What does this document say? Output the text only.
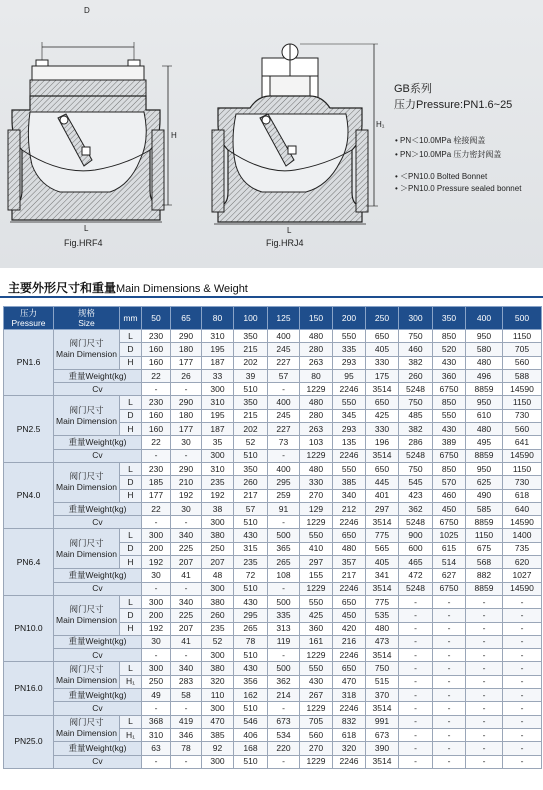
D
H
L
H₁
L
Fig.HRF4	Fig.HRJ4
GB系列
压力Pressure:PN1.6~25
• PN＜10.0MPa 栓接阀盖
• PN＞10.0MPa 压力密封阀盖
• ＜PN10.0 Bolted Bonnet
• ＞PN10.0 Pressure sealed bonnet
主要外形尺寸和重量Main Dimensions & Weight
压力
Pressure	规格
Size	mm	50	65	80	100	125	150	200	250	300	350	400	500
PN1.6	阀门尺寸
Main Dimension	L	230	290	310	350	400	480	550	650	750	850	950	1150
		D	160	180	195	215	245	280	335	405	460	520	580	705
		H	160	177	187	202	227	263	293	330	382	430	480	560
	重量Weight(kg)		22	26	33	39	57	80	95	175	260	360	496	588
	Cv		-	-	300	510	-	1229	2246	3514	5248	6750	8859	14590
PN2.5	阀门尺寸
Main Dimension	L	230	290	310	350	400	480	550	650	750	850	950	1150
		D	160	180	195	215	245	280	345	425	485	550	610	730
		H	160	177	187	202	227	263	293	330	382	430	480	560
	重量Weight(kg)		22	30	35	52	73	103	135	196	286	389	495	641
	Cv		-	-	300	510	-	1229	2246	3514	5248	6750	8859	14590
PN4.0	阀门尺寸
Main Dimension	L	230	290	310	350	400	480	550	650	750	850	950	1150
		D	185	210	235	260	295	330	385	445	545	570	625	730
		H	177	192	192	217	259	270	340	401	423	460	490	618
	重量Weight(kg)		22	30	38	57	91	129	212	297	362	450	585	640
	Cv		-	-	300	510	-	1229	2246	3514	5248	6750	8859	14590
PN6.4	阀门尺寸
Main Dimension	L	300	340	380	430	500	550	650	775	900	1025	1150	1400
		D	200	225	250	315	365	410	480	565	600	615	675	735
		H	192	207	207	235	265	297	357	405	465	514	568	620
	重量Weight(kg)		30	41	48	72	108	155	217	341	472	627	882	1027
	Cv		-	-	300	510	-	1229	2246	3514	5248	6750	8859	14590
PN10.0	阀门尺寸
Main Dimension	L	300	340	380	430	500	550	650	775	-	-	-	-
		D	200	225	260	295	335	425	450	535	-	-	-	-
		H	192	207	235	265	313	360	420	480	-	-	-	-
	重量Weight(kg)		30	41	52	78	119	161	216	473	-	-	-	-
	Cv		-	-	300	510	-	1229	2246	3514	-	-	-	-
PN16.0	阀门尺寸
Main Dimension	L	300	340	380	430	500	550	650	750	-	-	-	-
		H₁	250	283	320	356	362	430	470	515	-	-	-	-
	重量Weight(kg)		49	58	110	162	214	267	318	370	-	-	-	-
	Cv		-	-	300	510	-	1229	2246	3514	-	-	-	-
PN25.0	阀门尺寸
Main Dimension	L	368	419	470	546	673	705	832	991	-	-	-	-
		H₁	310	346	385	406	534	560	618	673	-	-	-	-
	重量Weight(kg)		63	78	92	168	220	270	320	390	-	-	-	-
	Cv		-	-	300	510	-	1229	2246	3514	-	-	-	-
